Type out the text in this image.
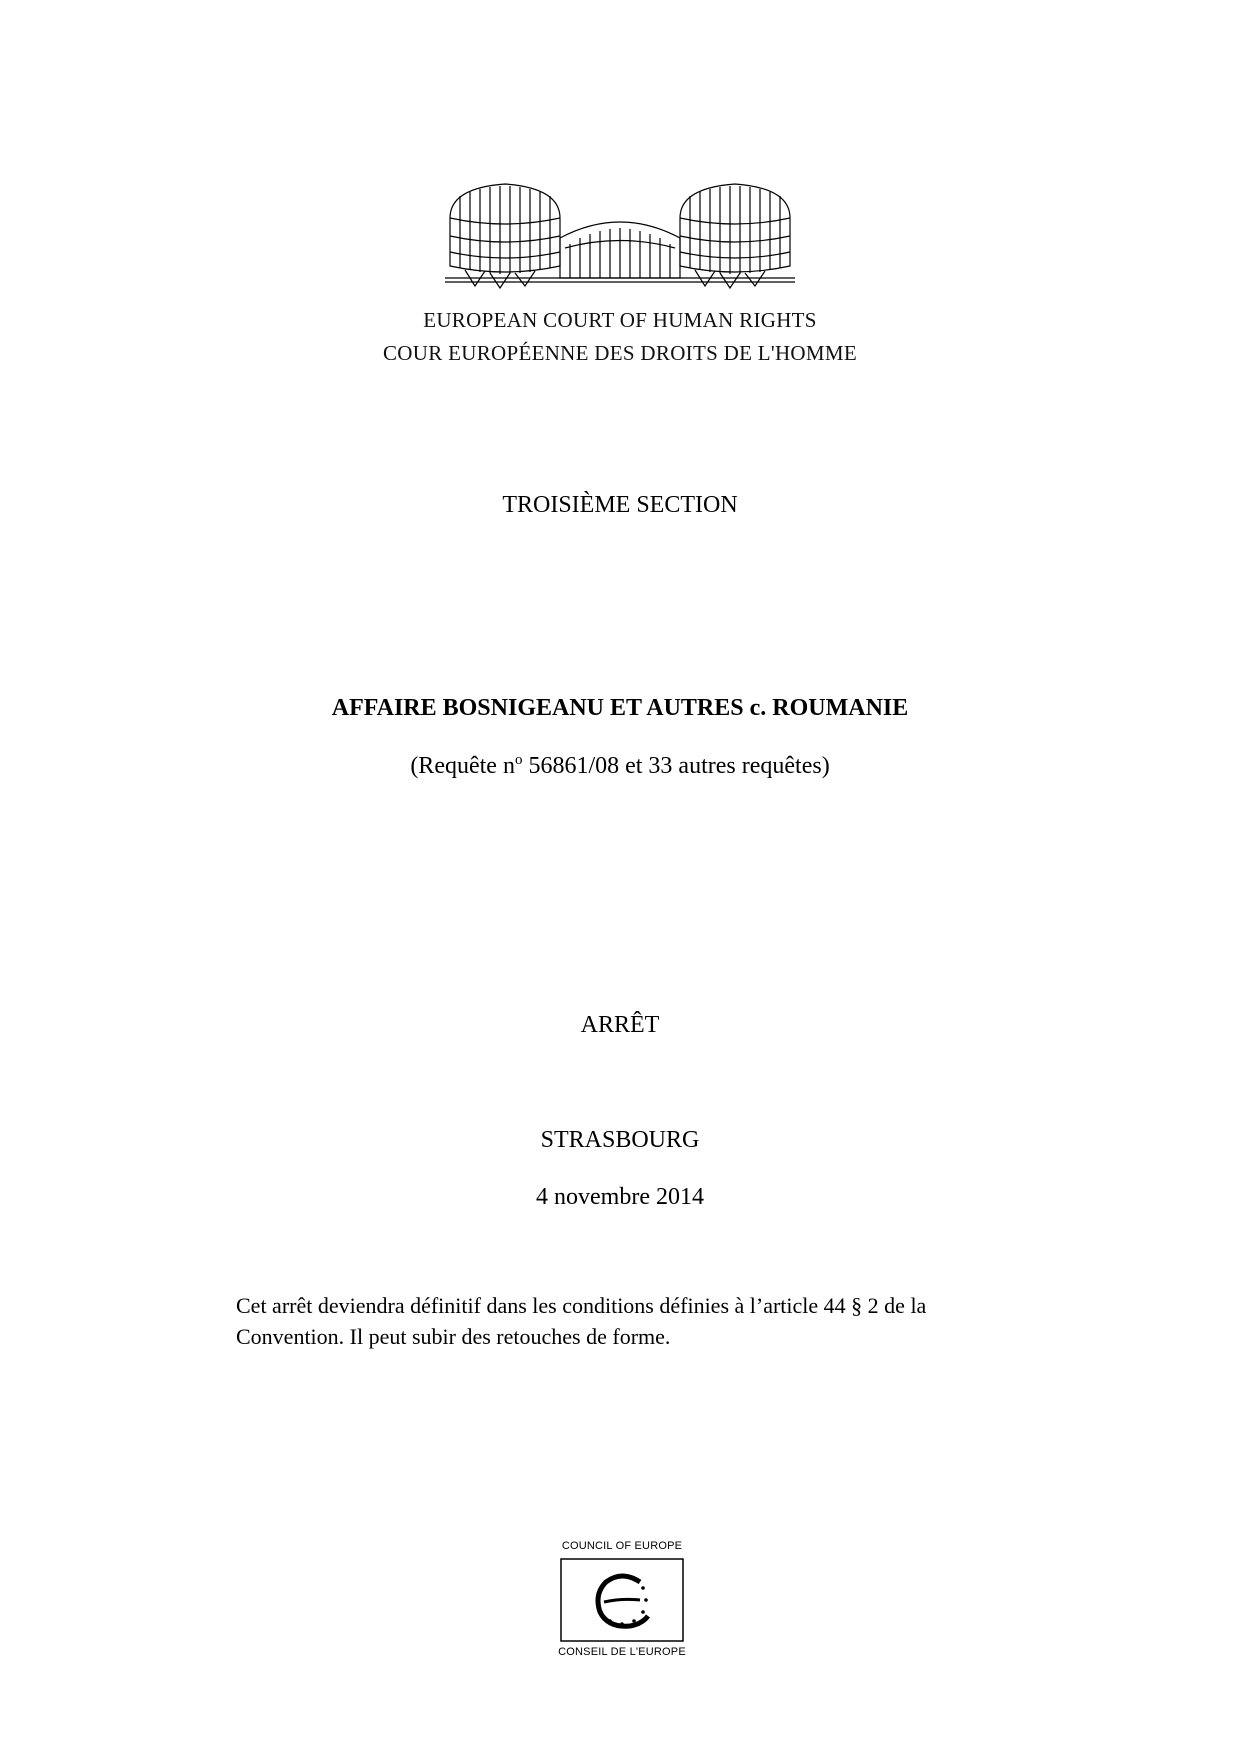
EUROPEAN COURT OF HUMAN RIGHTS
COUR EUROPÉENNE DES DROITS DE L'HOMME
TROISIÈME SECTION
AFFAIRE BOSNIGEANU ET AUTRES c. ROUMANIE
(Requête $n^o$ 56861/08 et 33 autres requêtes)
ARRÊT
STRASBOURG
4 novembre 2014
Cet arrêt deviendra définitif dans les conditions définies à l’article 44 § 2 de la Convention. Il peut subir des retouches de forme.
COUNCIL OF EUROPE
CONSEIL DE L'EUROPE
